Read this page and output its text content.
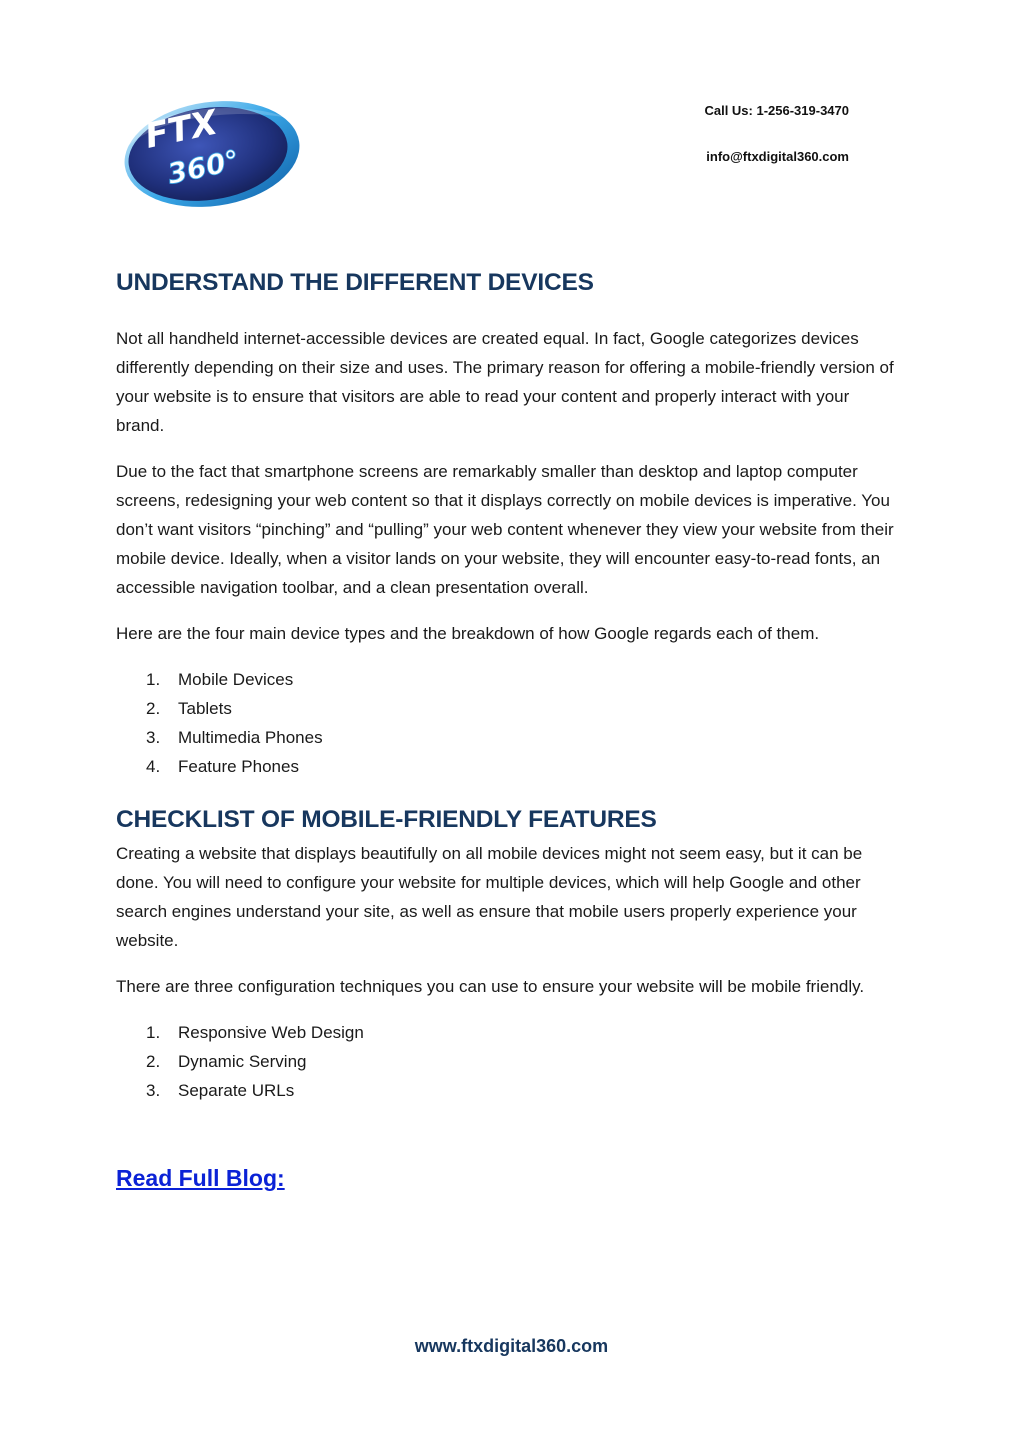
FTX
360°
Call Us: 1-256-319-3470
info@ftxdigital360.com
UNDERSTAND THE DIFFERENT DEVICES

Not all handheld internet-accessible devices are created equal. In fact, Google categorizes devices differently depending on their size and uses. The primary reason for offering a mobile-friendly version of your website is to ensure that visitors are able to read your content and properly interact with your brand.

Due to the fact that smartphone screens are remarkably smaller than desktop and laptop computer screens, redesigning your web content so that it displays correctly on mobile devices is imperative. You don’t want visitors “pinching” and “pulling” your web content whenever they view your website from their mobile device. Ideally, when a visitor lands on your website, they will encounter easy-to-read fonts, an accessible navigation toolbar, and a clean presentation overall.

Here are the four main device types and the breakdown of how Google regards each of them.

1.	Mobile Devices
2.	Tablets
3.	Multimedia Phones
4.	Feature Phones
CHECKLIST OF MOBILE-FRIENDLY FEATURES

Creating a website that displays beautifully on all mobile devices might not seem easy, but it can be done. You will need to configure your website for multiple devices, which will help Google and other search engines understand your site, as well as ensure that mobile users properly experience your website.

There are three configuration techniques you can use to ensure your website will be mobile friendly.

1.	Responsive Web Design
2.	Dynamic Serving
3.	Separate URLs
Read Full Blog:
www.ftxdigital360.com
